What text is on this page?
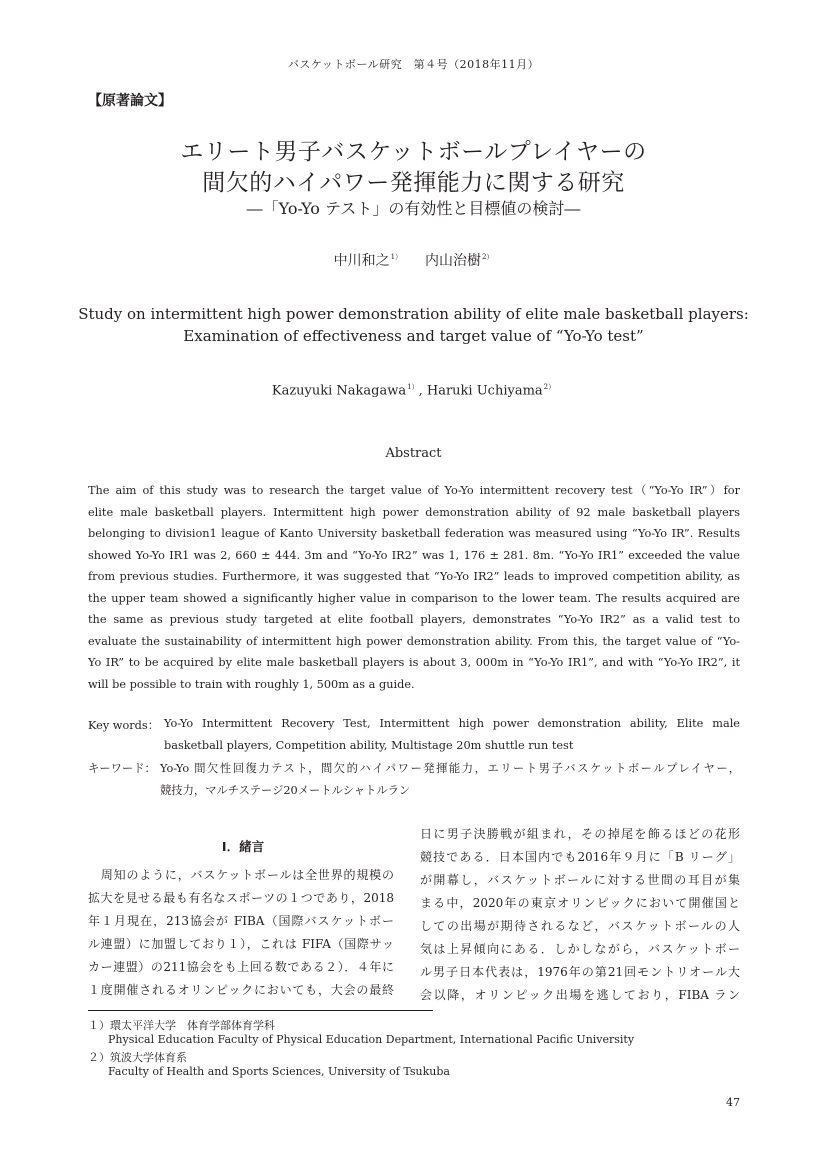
バスケットボール研究　第４号（2018年11月）
【原著論文】
エリート男子バスケットボールプレイヤーの
間欠的ハイパワー発揮能力に関する研究
―「Yo-Yo テスト」の有効性と目標値の検討―
中川和之$^{1)}$ 内山治樹$^{2)}$
Study on intermittent high power demonstration ability of elite male basketball players:
Examination of effectiveness and target value of “Yo-Yo test”
Kazuyuki Nakagawa$^{1)}$, Haruki Uchiyama$^{2)}$
Abstract
The aim of this study was to research the target value of Yo-Yo intermittent recovery test（“Yo-Yo IR”）for
elite male basketball players. Intermittent high power demonstration ability of 92 male basketball players
belonging to division1 league of Kanto University basketball federation was measured using “Yo-Yo IR”. Results
showed Yo-Yo IR1 was 2, 660 ± 444. 3m and “Yo-Yo IR2” was 1, 176 ± 281. 8m. “Yo-Yo IR1” exceeded the value
from previous studies. Furthermore, it was suggested that “Yo-Yo IR2” leads to improved competition ability, as
the upper team showed a significantly higher value in comparison to the lower team. The results acquired are
the same as previous study targeted at elite football players, demonstrates “Yo-Yo IR2” as a valid test to
evaluate the sustainability of intermittent high power demonstration ability. From this, the target value of “Yo-
Yo IR” to be acquired by elite male basketball players is about 3, 000m in “Yo-Yo IR1”, and with “Yo-Yo IR2”, it
will be possible to train with roughly 1, 500m as a guide.
Key words： Yo-Yo Intermittent Recovery Test, Intermittent high power demonstration ability, Elite male
basketball players, Competition ability, Multistage 20m shuttle run test
キーワード： Yo-Yo 間欠性回復力テスト，間欠的ハイパワー発揮能力，エリート男子バスケットボールプレイヤー，
競技力，マルチステージ20メートルシャトルラン
Ⅰ．緒言
　周知のように，バスケットボールは全世界的規模の
拡大を見せる最も有名なスポーツの１つであり，2018
年１月現在，213協会が FIBA（国際バスケットボー
ル連盟）に加盟しており１），これは FIFA（国際サッ
カー連盟）の211協会をも上回る数である２）．４年に
１度開催されるオリンピックにおいても，大会の最終
日に男子決勝戦が組まれ，その掉尾を飾るほどの花形
競技である．日本国内でも2016年９月に「B リーグ」
が開幕し，バスケットボールに対する世間の耳目が集
まる中，2020年の東京オリンピックにおいて開催国と
しての出場が期待されるなど，バスケットボールの人
気は上昇傾向にある．しかしながら，バスケットボー
ル男子日本代表は，1976年の第21回モントリオール大
会以降，オリンピック出場を逃しており，FIBA ラン
１）環太平洋大学　体育学部体育学科
Physical Education Faculty of Physical Education Department, International Pacific University
２）筑波大学体育系
Faculty of Health and Sports Sciences, University of Tsukuba
47
